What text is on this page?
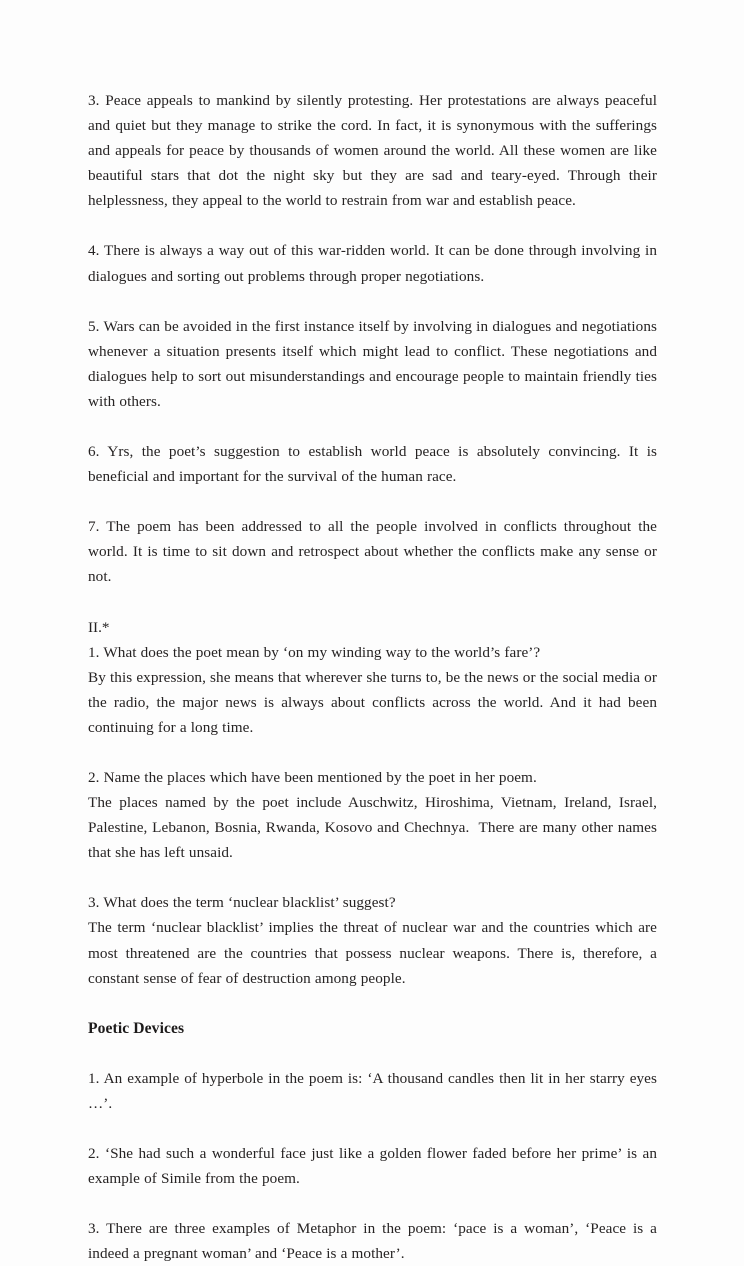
3. Peace appeals to mankind by silently protesting. Her protestations are always peaceful and quiet but they manage to strike the cord. In fact, it is synonymous with the sufferings and appeals for peace by thousands of women around the world. All these women are like beautiful stars that dot the night sky but they are sad and teary-eyed. Through their helplessness, they appeal to the world to restrain from war and establish peace.

4. There is always a way out of this war-ridden world. It can be done through involving in dialogues and sorting out problems through proper negotiations.

5. Wars can be avoided in the first instance itself by involving in dialogues and negotiations whenever a situation presents itself which might lead to conflict. These negotiations and dialogues help to sort out misunderstandings and encourage people to maintain friendly ties with others.

6. Yrs, the poet’s suggestion to establish world peace is absolutely convincing. It is beneficial and important for the survival of the human race.

7. The poem has been addressed to all the people involved in conflicts throughout the world. It is time to sit down and retrospect about whether the conflicts make any sense or not.

II.*

1. What does the poet mean by ‘on my winding way to the world’s fare’?

By this expression, she means that wherever she turns to, be the news or the social media or the radio, the major news is always about conflicts across the world. And it had been continuing for a long time.

2. Name the places which have been mentioned by the poet in her poem.

The places named by the poet include Auschwitz, Hiroshima, Vietnam, Ireland, Israel, Palestine, Lebanon, Bosnia, Rwanda, Kosovo and Chechnya.  There are many other names that she has left unsaid.

3. What does the term ‘nuclear blacklist’ suggest?

The term ‘nuclear blacklist’ implies the threat of nuclear war and the countries which are most threatened are the countries that possess nuclear weapons. There is, therefore, a constant sense of fear of destruction among people.

Poetic Devices

1. An example of hyperbole in the poem is: ‘A thousand candles then lit in her starry eyes …’.

2. ‘She had such a wonderful face just like a golden flower faded before her prime’ is an example of Simile from the poem.

3. There are three examples of Metaphor in the poem: ‘pace is a woman’, ‘Peace is a indeed a pregnant woman’ and ‘Peace is a mother’.
